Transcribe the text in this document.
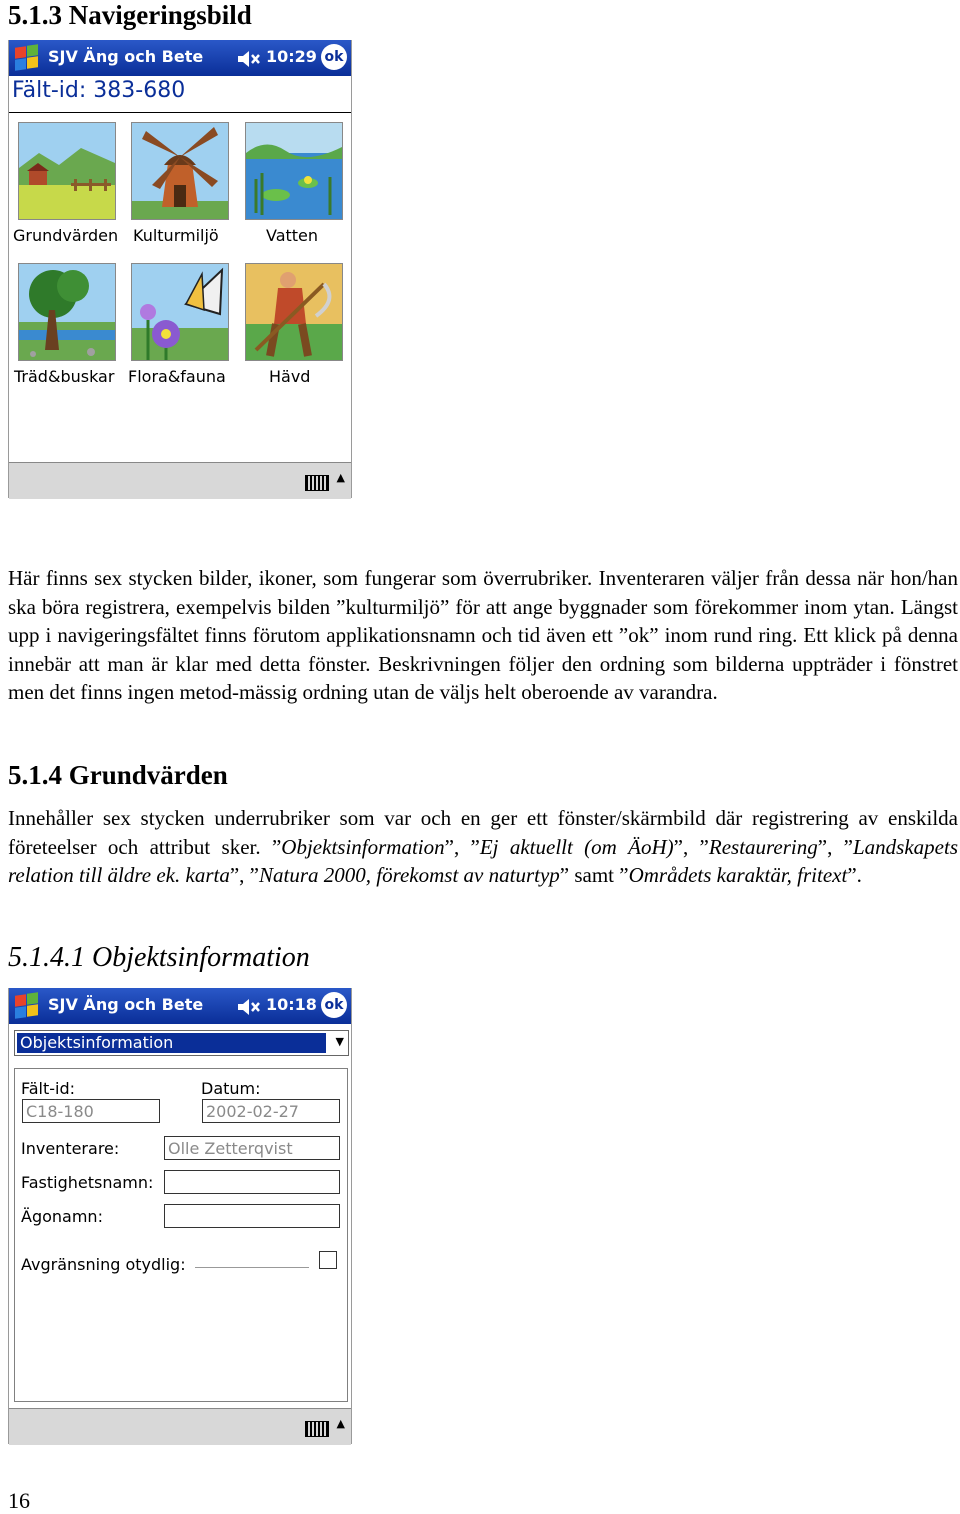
5.1.3 Navigeringsbild
SJV Äng och Bete	10:29 ok
Fält-id: 383-680
Grundvärden Kulturmiljö	Vatten
Träd&buskar Flora&fauna	Hävd
▲
Här finns sex stycken bilder, ikoner, som fungerar som överrubriker. Inventeraren väljer från dessa när hon/han ska böra registrera, exempelvis bilden ”kulturmiljö” för att ange byggnader som förekommer inom ytan. Längst upp i navigeringsfältet finns förutom applikationsnamn och tid även ett ”ok” inom rund ring. Ett klick på denna innebär att man är klar med detta fönster. Beskrivningen följer den ordning som bilderna uppträder i fönstret men det finns ingen metod-mässig ordning utan de väljs helt oberoende av varandra.
5.1.4 Grundvärden
Innehåller sex stycken underrubriker som var och en ger ett fönster/skärmbild där registrering av enskilda företeelser och attribut sker. ”Objektsinformation”, ”Ej aktuellt (om ÄoH)”, ”Restaurering”, ”Landskapets relation till äldre ek. karta”, ”Natura 2000, förekomst av naturtyp” samt ”Områdets karaktär, fritext”.
5.1.4.1 Objektsinformation
SJV Äng och Bete	10:18 ok
Objektsinformation	▼
Fält-id:	Datum:
C18-180	2002-02-27
Inventerare:	Olle Zetterqvist
Fastighetsnamn:
Ägonamn:
Avgränsning otydlig:
▲
16
